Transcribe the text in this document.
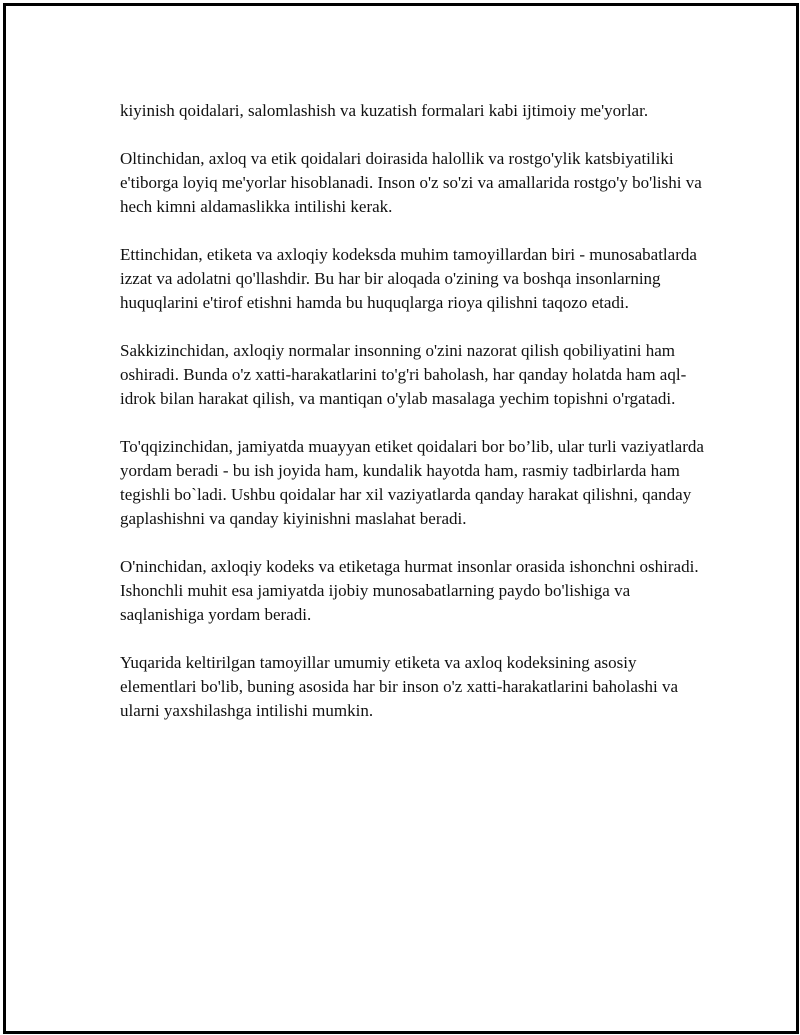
kiyinish qoidalari, salomlashish va kuzatish formalari kabi ijtimoiy me'yorlar.

Oltinchidan, axloq va etik qoidalari doirasida halollik va rostgo'ylik katsbiyatiliki e'tiborga loyiq me'yorlar hisoblanadi. Inson o'z so'zi va amallarida rostgo'y bo'lishi va hech kimni aldamaslikka intilishi kerak.

Ettinchidan, etiketa va axloqiy kodeksda muhim tamoyillardan biri - munosabatlarda izzat va adolatni qo'llashdir. Bu har bir aloqada o'zining va boshqa insonlarning huquqlarini e'tirof etishni hamda bu huquqlarga rioya qilishni taqozo etadi.

Sakkizinchidan, axloqiy normalar insonning o'zini nazorat qilish qobiliyatini ham oshiradi. Bunda o'z xatti-harakatlarini to'g'ri baholash, har qanday holatda ham aql-idrok bilan harakat qilish, va mantiqan o'ylab masalaga yechim topishni o'rgatadi.

To'qqizinchidan, jamiyatda muayyan etiket qoidalari bor bo’lib, ular turli vaziyatlarda yordam beradi - bu ish joyida ham, kundalik hayotda ham, rasmiy tadbirlarda ham tegishli bo`ladi. Ushbu qoidalar har xil vaziyatlarda qanday harakat qilishni, qanday gaplashishni va qanday kiyinishni maslahat beradi.

O'ninchidan, axloqiy kodeks va etiketaga hurmat insonlar orasida ishonchni oshiradi. Ishonchli muhit esa jamiyatda ijobiy munosabatlarning paydo bo'lishiga va saqlanishiga yordam beradi.

Yuqarida keltirilgan tamoyillar umumiy etiketa va axloq kodeksining asosiy elementlari bo'lib, buning asosida har bir inson o'z xatti-harakatlarini baholashi va ularni yaxshilashga intilishi mumkin.
